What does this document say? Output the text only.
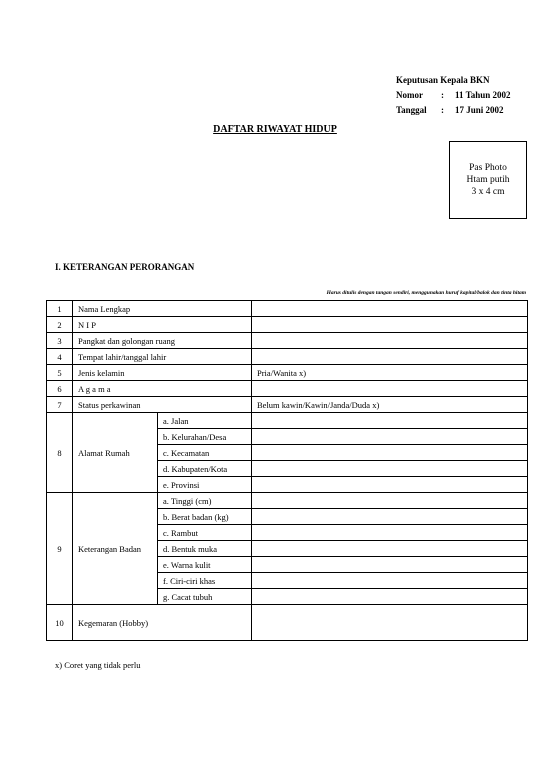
Keputusan Kepala BKN
Nomor : 11 Tahun 2002
Tanggal : 17 Juni 2002
DAFTAR RIWAYAT HIDUP
Pas Photo
Htam putih
3 x 4 cm
I. KETERANGAN PERORANGAN
Harus ditulis dengan tangan sendiri, menggunakan huruf kapital/balok dan tinta hitam
1	Nama Lengkap		
2	N I P		
3	Pangkat dan golongan ruang		
4	Tempat lahir/tanggal lahir		
5	Jenis kelamin		Pria/Wanita x)
6	A g a m a		
7	Status perkawinan		Belum kawin/Kawin/Janda/Duda x)
8	Alamat Rumah	a. Jalan	
		b. Kelurahan/Desa	
		c. Kecamatan	
		d. Kabupaten/Kota	
		e. Provinsi	
9	Keterangan Badan	a. Tinggi (cm)	
		b. Berat badan (kg)	
		c. Rambut	
		d. Bentuk muka	
		e. Warna kulit	
		f. Ciri-ciri khas	
		g. Cacat tubuh	
10	Kegemaran (Hobby)		
x) Coret yang tidak perlu
